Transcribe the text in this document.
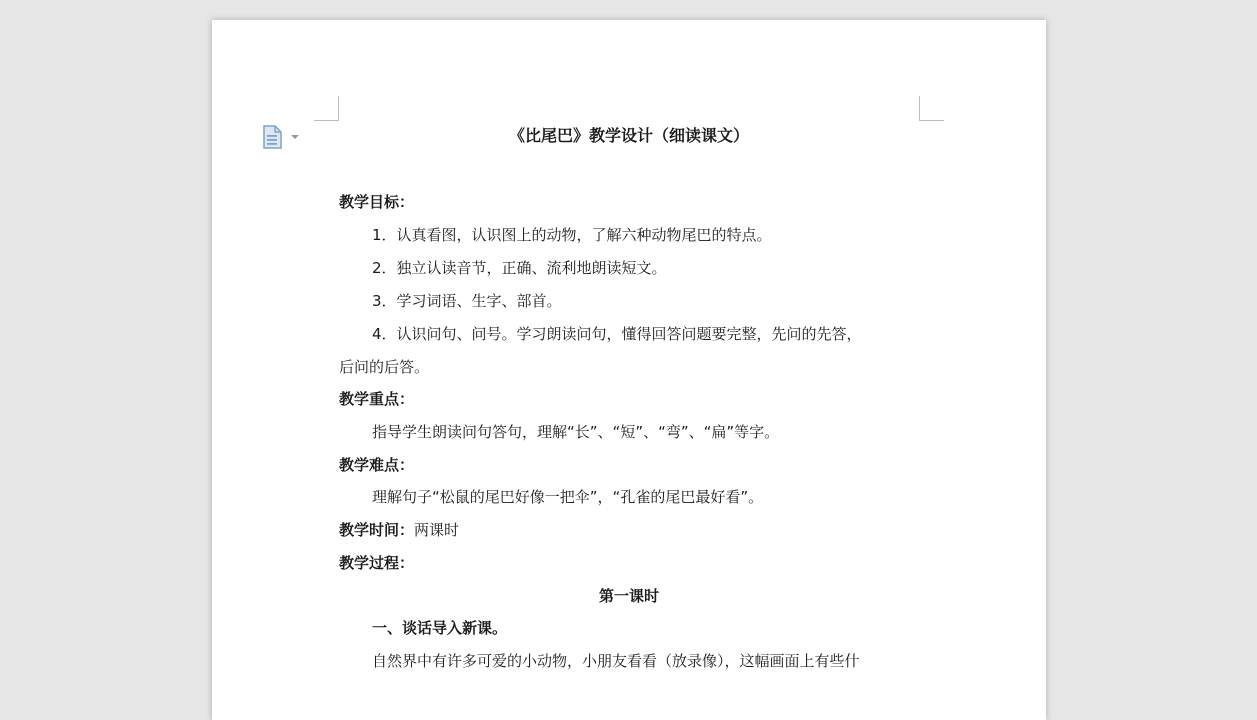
《比尾巴》教学设计（细读课文）
教学目标：
1．认真看图，认识图上的动物，了解六种动物尾巴的特点。
2．独立认读音节，正确、流利地朗读短文。
3．学习词语、生字、部首。
4．认识问句、问号。学习朗读问句，懂得回答问题要完整，先问的先答，
后问的后答。
教学重点：
指导学生朗读问句答句，理解“长”、“短”、“弯”、“扁”等字。
教学难点：
理解句子“松鼠的尾巴好像一把伞”，“孔雀的尾巴最好看”。
教学时间：两课时
教学过程：
第一课时
一、谈话导入新课。
自然界中有许多可爱的小动物，小朋友看看（放录像），这幅画面上有些什
